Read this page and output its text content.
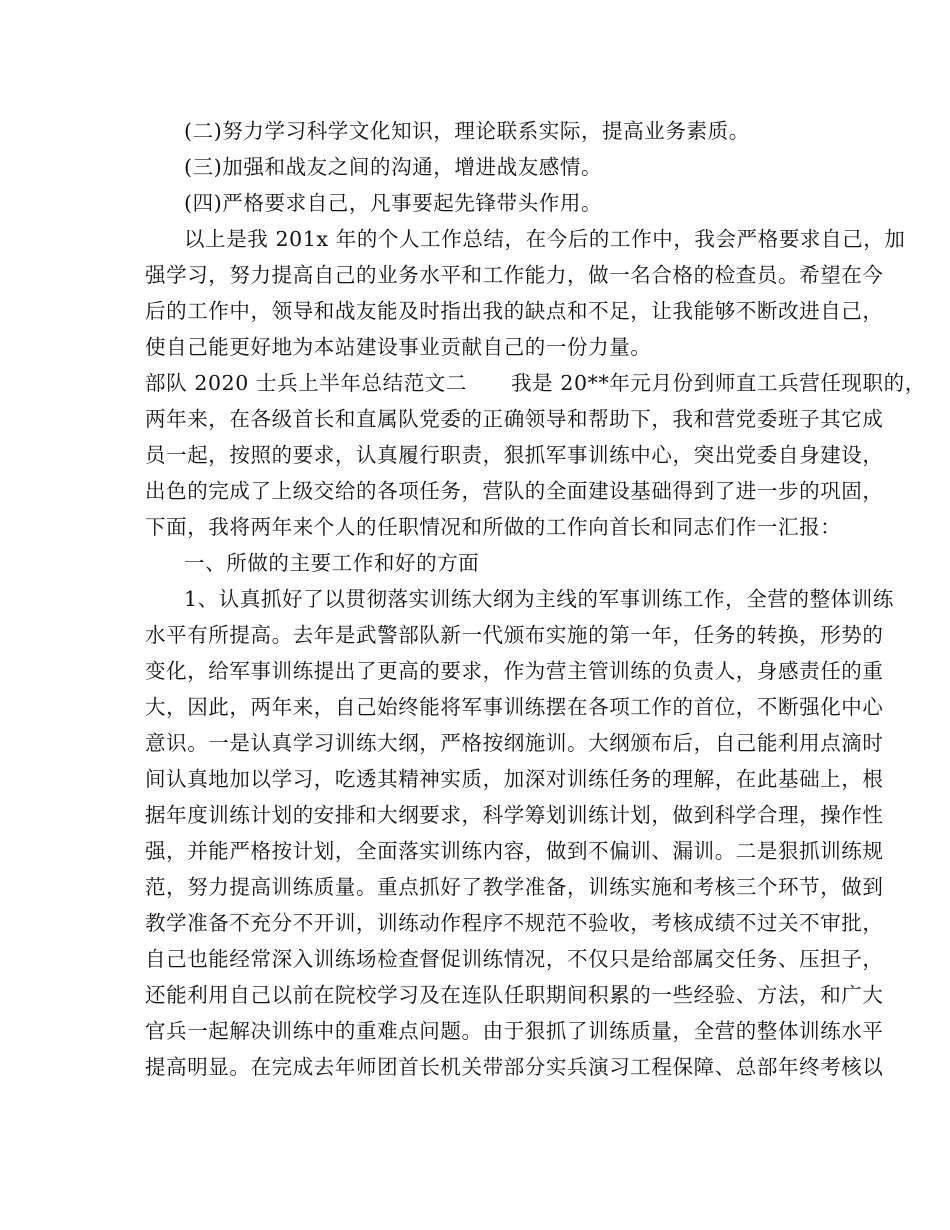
(二)努力学习科学文化知识，理论联系实际，提高业务素质。
(三)加强和战友之间的沟通，增进战友感情。
(四)严格要求自己，凡事要起先锋带头作用。
以上是我 201x 年的个人工作总结，在今后的工作中，我会严格要求自己，加
强学习，努力提高自己的业务水平和工作能力，做一名合格的检查员。希望在今
后的工作中，领导和战友能及时指出我的缺点和不足，让我能够不断改进自己，
使自己能更好地为本站建设事业贡献自己的一份力量。
部队 2020 士兵上半年总结范文二 我是 20**年元月份到师直工兵营任现职的，
两年来，在各级首长和直属队党委的正确领导和帮助下，我和营党委班子其它成
员一起，按照的要求，认真履行职责，狠抓军事训练中心，突出党委自身建设，
出色的完成了上级交给的各项任务，营队的全面建设基础得到了进一步的巩固，
下面，我将两年来个人的任职情况和所做的工作向首长和同志们作一汇报：
一、所做的主要工作和好的方面
1、认真抓好了以贯彻落实训练大纲为主线的军事训练工作，全营的整体训练
水平有所提高。去年是武警部队新一代颁布实施的第一年，任务的转换，形势的
变化，给军事训练提出了更高的要求，作为营主管训练的负责人，身感责任的重
大，因此，两年来，自己始终能将军事训练摆在各项工作的首位，不断强化中心
意识。一是认真学习训练大纲，严格按纲施训。大纲颁布后，自己能利用点滴时
间认真地加以学习，吃透其精神实质，加深对训练任务的理解，在此基础上，根
据年度训练计划的安排和大纲要求，科学筹划训练计划，做到科学合理，操作性
强，并能严格按计划，全面落实训练内容，做到不偏训、漏训。二是狠抓训练规
范，努力提高训练质量。重点抓好了教学准备，训练实施和考核三个环节，做到
教学准备不充分不开训，训练动作程序不规范不验收，考核成绩不过关不审批，
自己也能经常深入训练场检查督促训练情况，不仅只是给部属交任务、压担子，
还能利用自己以前在院校学习及在连队任职期间积累的一些经验、方法，和广大
官兵一起解决训练中的重难点问题。由于狠抓了训练质量，全营的整体训练水平
提高明显。在完成去年师团首长机关带部分实兵演习工程保障、总部年终考核以
